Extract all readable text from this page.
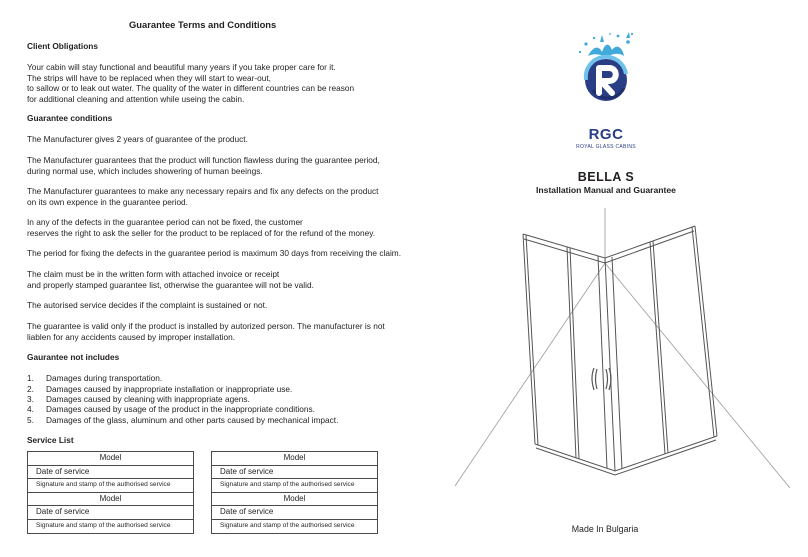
Guarantee Terms and Conditions
Client Obligations
Your cabin will stay functional and beautiful many years if you take proper care for it.
The strips will have to be replaced when they will start to wear-out,
to sallow or to leak out water. The quality of the water in different countries can be reason
for additional cleaning and attention while useing the cabin.
Guarantee conditions
The Manufacturer gives 2 years of guarantee of the product.
The Manufacturer guarantees that the product will function flawless during the guarantee period,
during normal use, which includes showering of human beeings.
The Manufacturer guarantees to make any necessary repairs and fix any defects on the product
on its own expence in the guarantee period.
In any of the defects in the guarantee period can not be fixed, the customer
reserves the right to ask the seller for the product to be replaced of for the refund of the money.
The period for fixing the defects in the guarantee period is maximum 30 days from receiving the claim.
The claim must be in the written form with attached invoice or receipt
and properly stamped guarantee list, otherwise the guarantee will not be valid.
The autorised service decides if the complaint is sustained or not.
The guarantee is valid only if the product is installed by autorized person. The manufacturer is not
liablen for any accidents caused by improper installation.
Gaurantee not includes
1. Damages during transportation.
2. Damages caused by inappropriate installation or inappropriate use.
3. Damages caused by cleaning with inappropriate agens.
4. Damages caused by usage of the product in the inappropriate conditions.
5. Damages of the glass, aluminum and other parts caused by mechanical impact.
Service List
Model
Date of service
Signature and stamp of the authorised service
Model
Date of service
Signature and stamp of the authorised service
Model
Date of service
Signature and stamp of the authorised service
Model
Date of service
Signature and stamp of the authorised service
RGC
ROYAL GLASS CABINS
BELLA S
Installation Manual and Guarantee
Made In Bulgaria
